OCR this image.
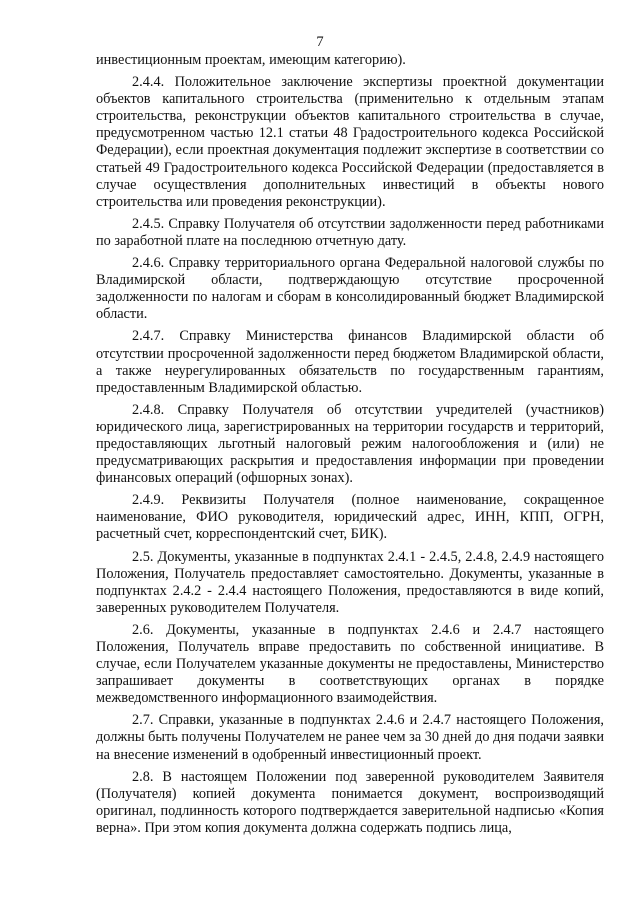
7

инвестиционным проектам, имеющим категорию).

2.4.4. Положительное заключение экспертизы проектной документации объектов капитального строительства (применительно к отдельным этапам строительства, реконструкции объектов капитального строительства в случае, предусмотренном частью 12.1 статьи 48 Градостроительного кодекса Российской Федерации), если проектная документация подлежит экспертизе в соответствии со статьей 49 Градостроительного кодекса Российской Федерации (предоставляется в случае осуществления дополнительных инвестиций в объекты нового строительства или проведения реконструкции).

2.4.5. Справку Получателя об отсутствии задолженности перед работниками по заработной плате на последнюю отчетную дату.

2.4.6. Справку территориального органа Федеральной налоговой службы по Владимирской области, подтверждающую отсутствие просроченной задолженности по налогам и сборам в консолидированный бюджет Владимирской области.

2.4.7. Справку Министерства финансов Владимирской области об отсутствии просроченной задолженности перед бюджетом Владимирской области, а также неурегулированных обязательств по государственным гарантиям, предоставленным Владимирской областью.

2.4.8. Справку Получателя об отсутствии учредителей (участников) юридического лица, зарегистрированных на территории государств и территорий, предоставляющих льготный налоговый режим налогообложения и (или) не предусматривающих раскрытия и предоставления информации при проведении финансовых операций (офшорных зонах).

2.4.9. Реквизиты Получателя (полное наименование, сокращенное наименование, ФИО руководителя, юридический адрес, ИНН, КПП, ОГРН, расчетный счет, корреспондентский счет, БИК).

2.5. Документы, указанные в подпунктах 2.4.1 - 2.4.5, 2.4.8, 2.4.9 настоящего Положения, Получатель предоставляет самостоятельно. Документы, указанные в подпунктах 2.4.2 - 2.4.4 настоящего Положения, предоставляются в виде копий, заверенных руководителем Получателя.

2.6. Документы, указанные в подпунктах 2.4.6 и 2.4.7 настоящего Положения, Получатель вправе предоставить по собственной инициативе. В случае, если Получателем указанные документы не предоставлены, Министерство запрашивает документы в соответствующих органах в порядке межведомственного информационного взаимодействия.

2.7. Справки, указанные в подпунктах 2.4.6 и 2.4.7 настоящего Положения, должны быть получены Получателем не ранее чем за 30 дней до дня подачи заявки на внесение изменений в одобренный инвестиционный проект.

2.8. В настоящем Положении под заверенной руководителем Заявителя (Получателя) копией документа понимается документ, воспроизводящий оригинал, подлинность которого подтверждается заверительной надписью «Копия верна». При этом копия документа должна содержать подпись лица,
